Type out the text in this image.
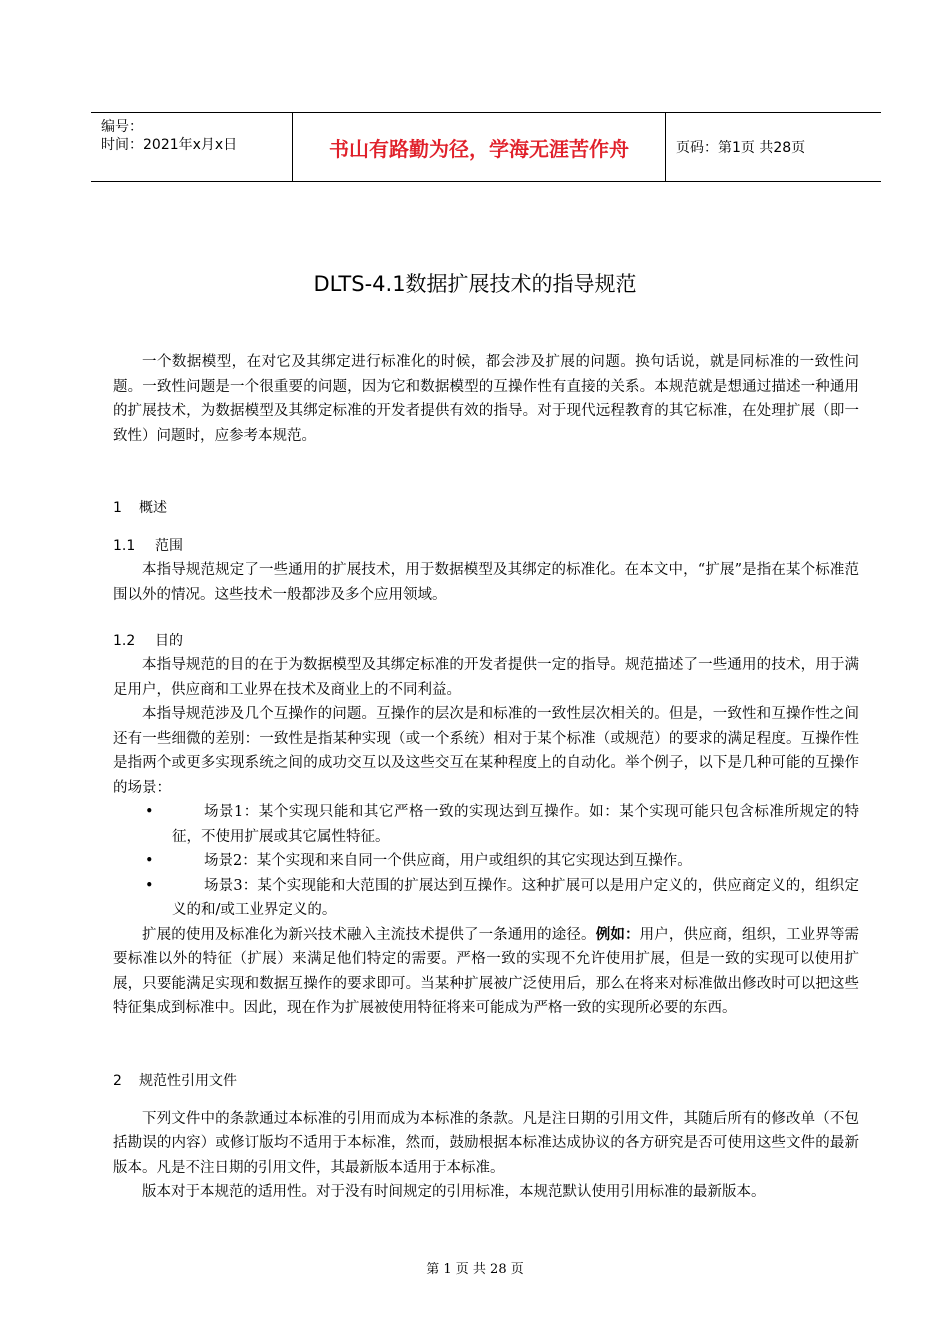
编号：
时间：2021年x月x日	书山有路勤为径，学海无涯苦作舟	页码：第1页 共28页
DLTS-4.1数据扩展技术的指导规范

一个数据模型，在对它及其绑定进行标准化的时候，都会涉及扩展的问题。换句话说，就是同标准的一致性问题。一致性问题是一个很重要的问题，因为它和数据模型的互操作性有直接的关系。本规范就是想通过描述一种通用的扩展技术，为数据模型及其绑定标准的开发者提供有效的指导。对于现代远程教育的其它标准，在处理扩展（即一致性）问题时，应参考本规范。

1 概述
1.1 范围

本指导规范规定了一些通用的扩展技术，用于数据模型及其绑定的标准化。在本文中，“扩展”是指在某个标准范围以外的情况。这些技术一般都涉及多个应用领域。

1.2 目的

本指导规范的目的在于为数据模型及其绑定标准的开发者提供一定的指导。规范描述了一些通用的技术，用于满足用户，供应商和工业界在技术及商业上的不同利益。

本指导规范涉及几个互操作的问题。互操作的层次是和标准的一致性层次相关的。但是，一致性和互操作性之间还有一些细微的差别：一致性是指某种实现（或一个系统）相对于某个标准（或规范）的要求的满足程度。互操作性是指两个或更多实现系统之间的成功交互以及这些交互在某种程度上的自动化。举个例子，以下是几种可能的互操作的场景：

• 场景1：某个实现只能和其它严格一致的实现达到互操作。如：某个实现可能只包含标准所规定的特征，不使用扩展或其它属性特征。
• 场景2：某个实现和来自同一个供应商，用户或组织的其它实现达到互操作。
• 场景3：某个实现能和大范围的扩展达到互操作。这种扩展可以是用户定义的，供应商定义的，组织定义的和/或工业界定义的。

扩展的使用及标准化为新兴技术融入主流技术提供了一条通用的途径。例如：用户，供应商，组织，工业界等需要标准以外的特征（扩展）来满足他们特定的需要。严格一致的实现不允许使用扩展，但是一致的实现可以使用扩展，只要能满足实现和数据互操作的要求即可。当某种扩展被广泛使用后，那么在将来对标准做出修改时可以把这些特征集成到标准中。因此，现在作为扩展被使用特征将来可能成为严格一致的实现所必要的东西。

2 规范性引用文件

下列文件中的条款通过本标准的引用而成为本标准的条款。凡是注日期的引用文件，其随后所有的修改单（不包括勘误的内容）或修订版均不适用于本标准，然而，鼓励根据本标准达成协议的各方研究是否可使用这些文件的最新版本。凡是不注日期的引用文件，其最新版本适用于本标准。

版本对于本规范的适用性。对于没有时间规定的引用标准，本规范默认使用引用标准的最新版本。

第 1 页 共 28 页
